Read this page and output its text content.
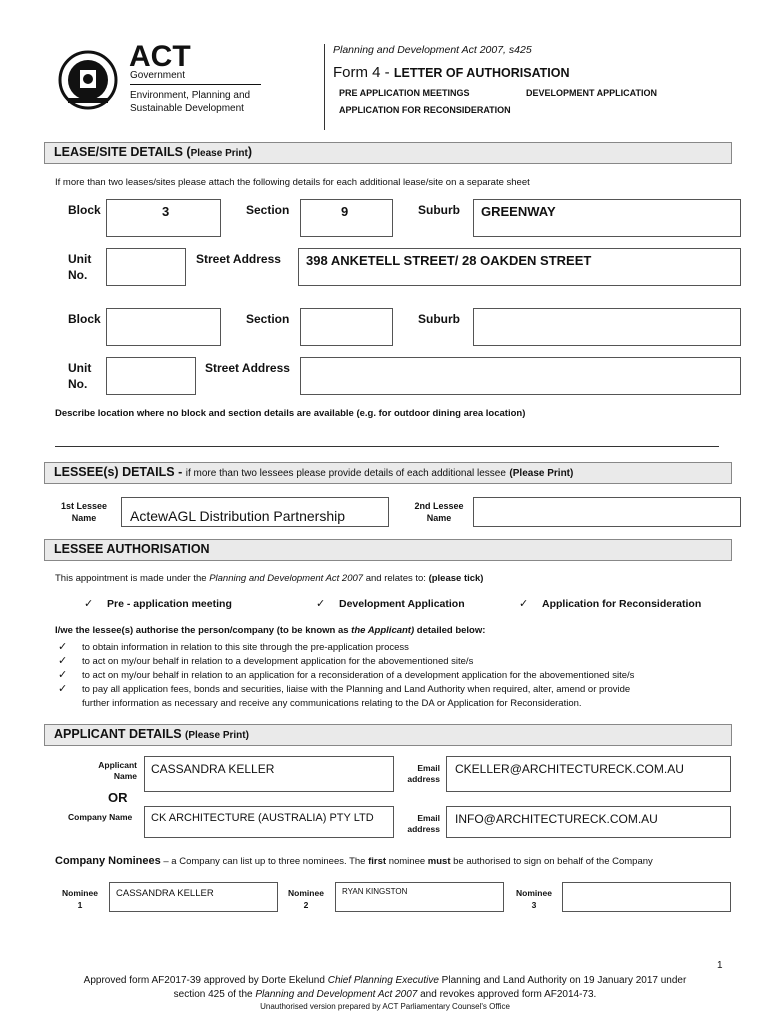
ACT
Government
Environment, Planning and
Sustainable Development
Planning and Development Act 2007, s425
Form 4 - LETTER OF AUTHORISATION
PRE APPLICATION MEETINGS	DEVELOPMENT APPLICATION
APPLICATION FOR RECONSIDERATION
LEASE/SITE DETAILS (Please Print)
If more than two leases/sites please attach the following details for each additional lease/site on a separate sheet
Block	3	Section	9	Suburb GREENWAY
Unit
No.
Street Address 398 ANKETELL STREET/ 28 OAKDEN STREET
Block	Section	Suburb
Unit
No.
Street Address
Describe location where no block and section details are available (e.g. for outdoor dining area location)
LESSEE(s) DETAILS - if more than two lessees please provide details of each additional lessee (Please Print)
1st Lessee
Name	ActewAGL Distribution Partnership
2nd Lessee
Name
LESSEE AUTHORISATION
This appointment is made under the Planning and Development Act 2007 and relates to: (please tick)
✓ Pre - application meeting	✓ Development Application	✓ Application for Reconsideration
I/we the lessee(s) authorise the person/company (to be known as the Applicant) detailed below:
✓ to obtain information in relation to this site through the pre-application process
✓ to act on my/our behalf in relation to a development application for the abovementioned site/s
✓ to act on my/our behalf in relation to an application for a reconsideration of a development application for the abovementioned site/s
✓ to pay all application fees, bonds and securities, liaise with the Planning and Land Authority when required, alter, amend or provide
further information as necessary and receive any communications relating to the DA or Application for Reconsideration.
APPLICANT DETAILS (Please Print)
Applicant
Name CASSANDRA KELLER	Email
address
CKELLER@ARCHITECTURECK.COM.AU
OR
Company Name CK ARCHITECTURE (AUSTRALIA) PTY LTD	Email
address
INFO@ARCHITECTURECK.COM.AU
Company Nominees – a Company can list up to three nominees. The first nominee must be authorised to sign on behalf of the Company
Nominee
1
CASSANDRA KELLER	Nominee
2
RYAN KINGSTON	Nominee
3
1
Approved form AF2017-39 approved by Dorte Ekelund Chief Planning Executive Planning and Land Authority on 19 January 2017 under
section 425 of the Planning and Development Act 2007 and revokes approved form AF2014-73.
Unauthorised version prepared by ACT Parliamentary Counsel's Office
